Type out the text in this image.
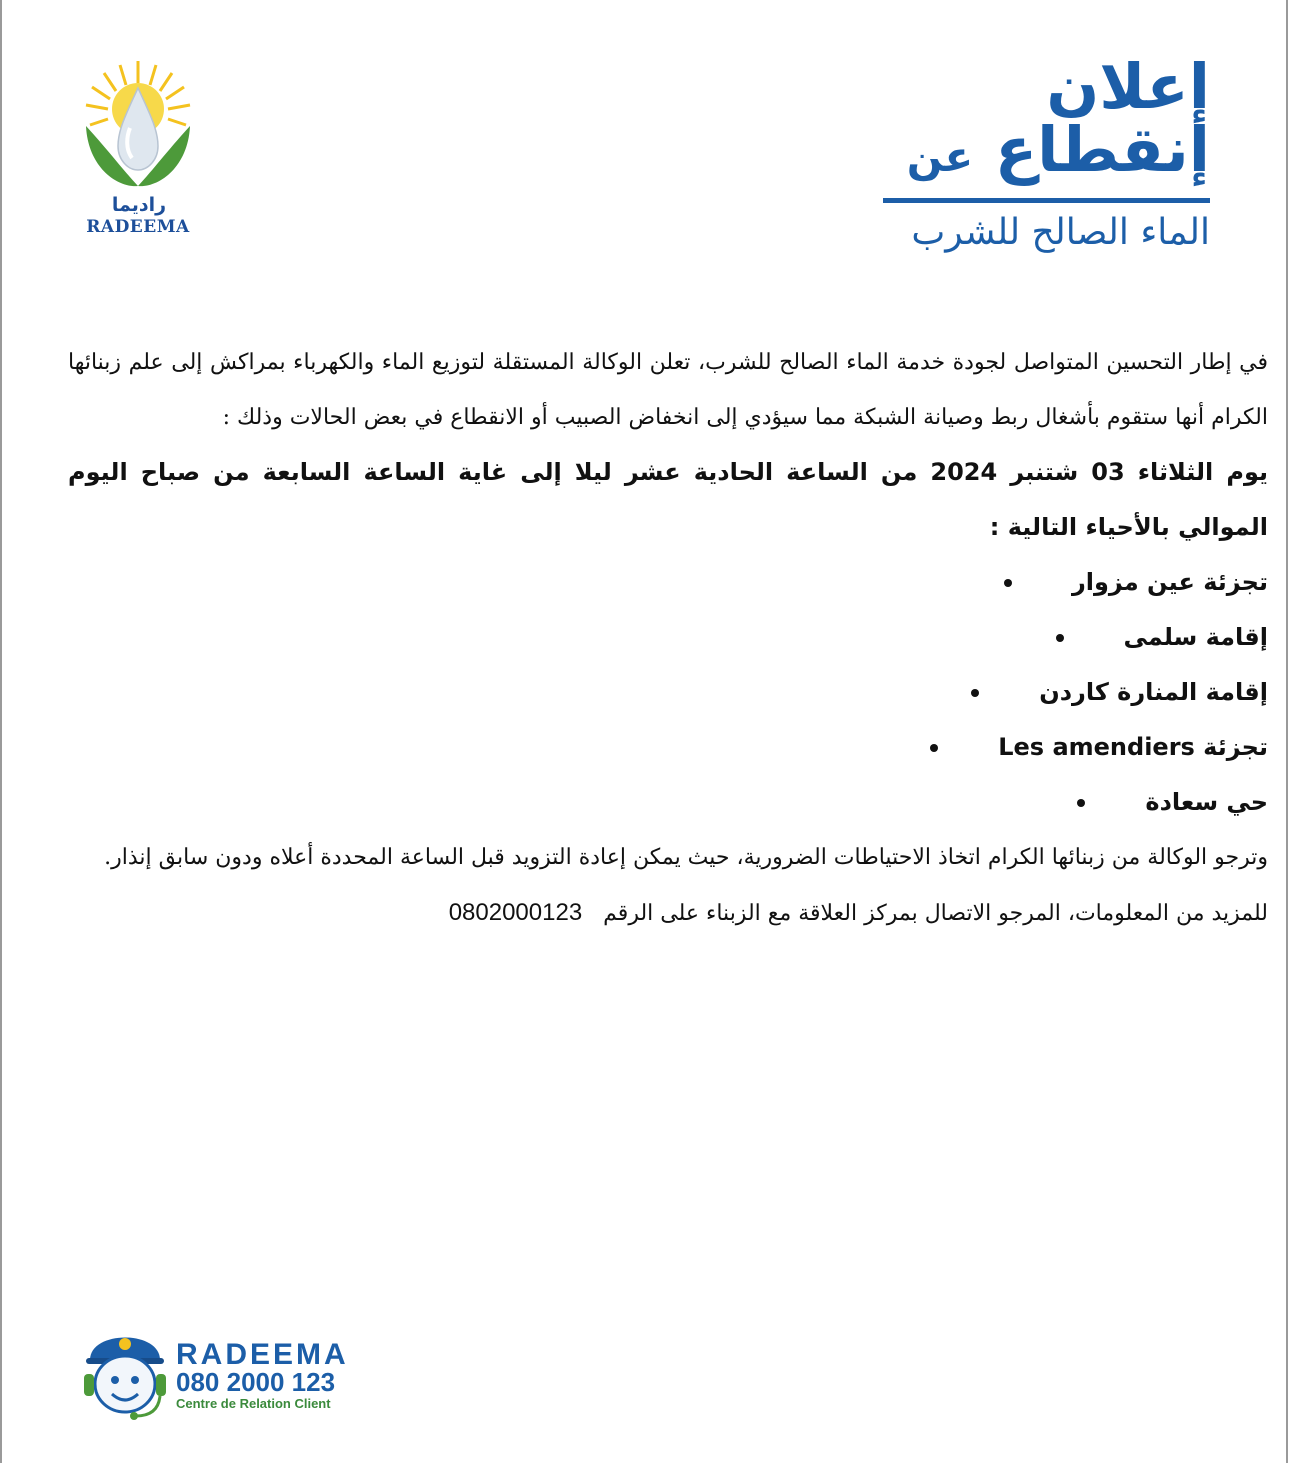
راديما
RADEEMA
إعلان
إنقطاع عن
الماء الصالح للشرب
في إطار التحسين المتواصل لجودة خدمة الماء الصالح للشرب، تعلن الوكالة المستقلة لتوزيع الماء والكهرباء بمراكش إلى علم زبنائها الكرام أنها ستقوم بأشغال ربط وصيانة الشبكة مما سيؤدي إلى انخفاض الصبيب أو الانقطاع في بعض الحالات وذلك :
يوم الثلاثاء 03 شتنبر 2024 من الساعة الحادية عشر ليلا إلى غاية الساعة السابعة من صباح اليوم الموالي بالأحياء التالية :
تجزئة عين مزوار
إقامة سلمى
إقامة المنارة كاردن
تجزئة Les amendiers
حي سعادة
وترجو الوكالة من زبنائها الكرام اتخاذ الاحتياطات الضرورية، حيث يمكن إعادة التزويد قبل الساعة المحددة أعلاه ودون سابق إنذار.
للمزيد من المعلومات، المرجو الاتصال بمركز العلاقة مع الزبناء على الرقم   0802000123
RADEEMA
080 2000 123
Centre de Relation Client
